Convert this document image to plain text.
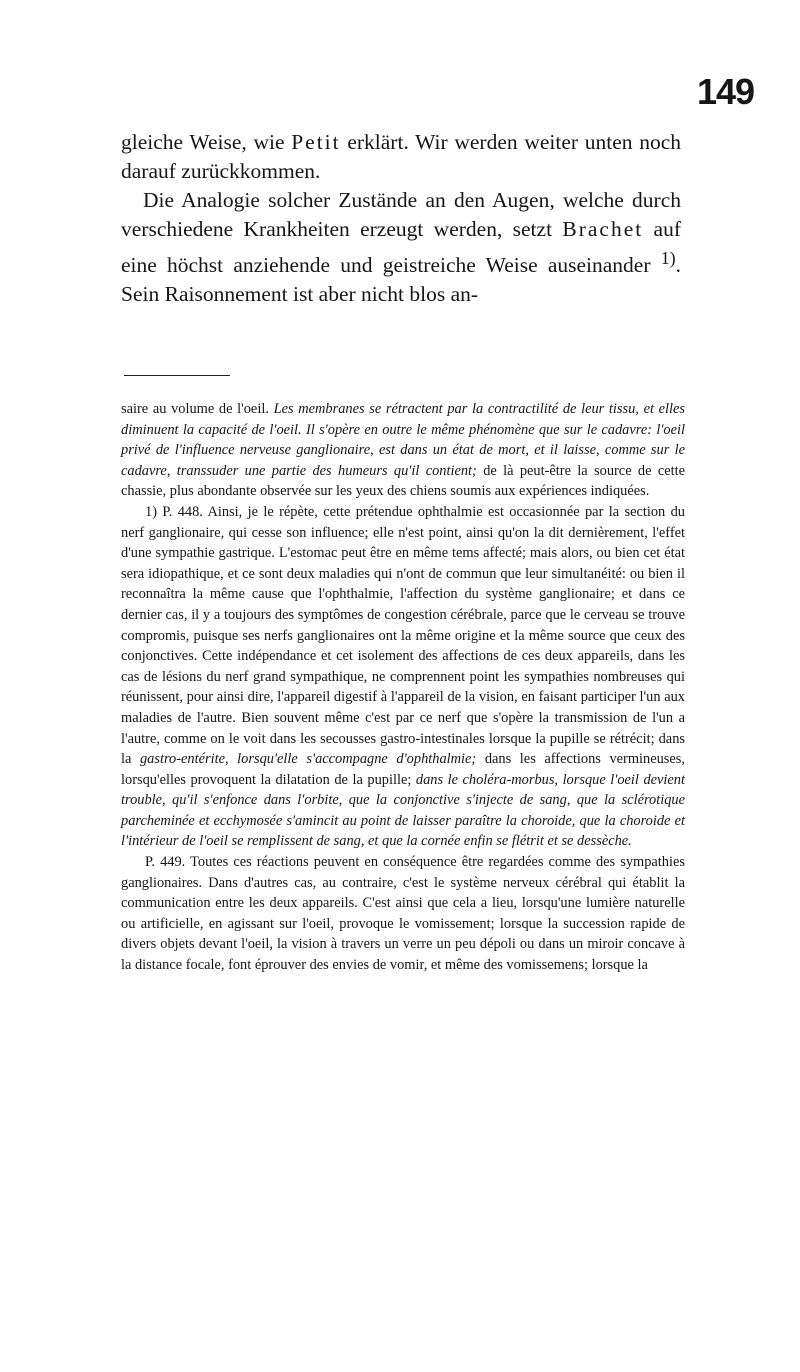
149

gleiche Weise, wie Petit erklärt. Wir werden weiter unten noch darauf zurückkommen.

Die Analogie solcher Zustände an den Augen, welche durch verschiedene Krankheiten erzeugt werden, setzt Brachet auf eine höchst anziehende und geistreiche Weise auseinander $^{1)}$. Sein Raisonnement ist aber nicht blos an-

saire au volume de l'oeil. Les membranes se rétractent par la contractilité de leur tissu, et elles diminuent la capacité de l'oeil. Il s'opère en outre le même phénomène que sur le cadavre: l'oeil privé de l'influence nerveuse ganglionaire, est dans un état de mort, et il laisse, comme sur le cadavre, transsuder une partie des humeurs qu'il contient; de là peut-être la source de cette chassie, plus abondante observée sur les yeux des chiens soumis aux expériences indiquées.

1) P. 448. Ainsi, je le répète, cette prétendue ophthalmie est occasionnée par la section du nerf ganglionaire, qui cesse son influence; elle n'est point, ainsi qu'on la dit dernièrement, l'effet d'une sympathie gastrique. L'estomac peut être en même tems affecté; mais alors, ou bien cet état sera idiopathique, et ce sont deux maladies qui n'ont de commun que leur simultanéité: ou bien il reconnaîtra la même cause que l'ophthalmie, l'affection du système ganglionaire; et dans ce dernier cas, il y a toujours des symptômes de congestion cérébrale, parce que le cerveau se trouve compromis, puisque ses nerfs ganglionaires ont la même origine et la même source que ceux des conjonctives. Cette indépendance et cet isolement des affections de ces deux appareils, dans les cas de lésions du nerf grand sympathique, ne comprennent point les sympathies nombreuses qui réunissent, pour ainsi dire, l'appareil digestif à l'appareil de la vision, en faisant participer l'un aux maladies de l'autre. Bien souvent même c'est par ce nerf que s'opère la transmission de l'un a l'autre, comme on le voit dans les secousses gastro-intestinales lorsque la pupille se rétrécit; dans la gastro-entérite, lorsqu'elle s'accompagne d'ophthalmie; dans les affections vermineuses, lorsqu'elles provoquent la dilatation de la pupille; dans le choléra-morbus, lorsque l'oeil devient trouble, qu'il s'enfonce dans l'orbite, que la conjonctive s'injecte de sang, que la sclérotique parcheminée et ecchymosée s'amincit au point de laisser paraître la choroide, que la choroide et l'intérieur de l'oeil se remplissent de sang, et que la cornée enfin se flétrit et se dessèche.

P. 449. Toutes ces réactions peuvent en conséquence être regardées comme des sympathies ganglionaires. Dans d'autres cas, au contraire, c'est le système nerveux cérébral qui établit la communication entre les deux appareils. C'est ainsi que cela a lieu, lorsqu'une lumière naturelle ou artificielle, en agissant sur l'oeil, provoque le vomissement; lorsque la succession rapide de divers objets devant l'oeil, la vision à travers un verre un peu dépoli ou dans un miroir concave à la distance focale, font éprouver des envies de vomir, et même des vomissemens; lorsque la
